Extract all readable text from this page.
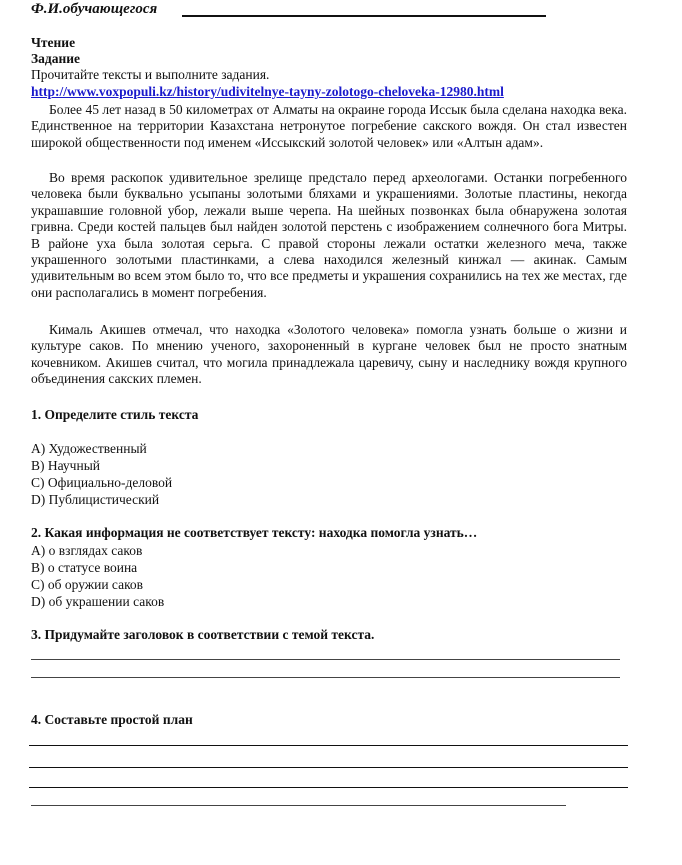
Ф.И.обучающегося
Чтение
Задание
Прочитайте тексты и выполните задания.
http://www.voxpopuli.kz/history/udivitelnye-tayny-zolotogo-cheloveka-12980.html

Более 45 лет назад в 50 километрах от Алматы на окраине города Иссык была сделана находка века. Единственное на территории Казахстана нетронутое погребение сакского вождя. Он стал известен широкой общественности под именем «Иссыкский золотой человек» или «Алтын адам».

Во время раскопок удивительное зрелище предстало перед археологами. Останки погребенного человека были буквально усыпаны золотыми бляхами и украшениями. Золотые пластины, некогда украшавшие головной убор, лежали выше черепа. На шейных позвонках была обнаружена золотая гривна. Среди костей пальцев был найден золотой перстень с изображением солнечного бога Митры. В районе уха была золотая серьга. С правой стороны лежали остатки железного меча, также украшенного золотыми пластинками, а слева находился железный кинжал — акинак. Самым удивительным во всем этом было то, что все предметы и украшения сохранились на тех же местах, где они располагались в момент погребения.

Кималь Акишев отмечал, что находка «Золотого человека» помогла узнать больше о жизни и культуре саков. По мнению ученого, захороненный в кургане человек был не просто знатным кочевником. Акишев считал, что могила принадлежала царевичу, сыну и наследнику вождя крупного объединения сакских племен.

1. Определите стиль текста
A) Художественный
B) Научный
C) Официально-деловой
D) Публицистический
2. Какая информация не соответствует тексту: находка помогла узнать…
A) о взглядах саков
B) о статусе воина
C) об оружии саков
D) об украшении саков
3. Придумайте заголовок в соответствии с темой текста.
4. Составьте простой план
